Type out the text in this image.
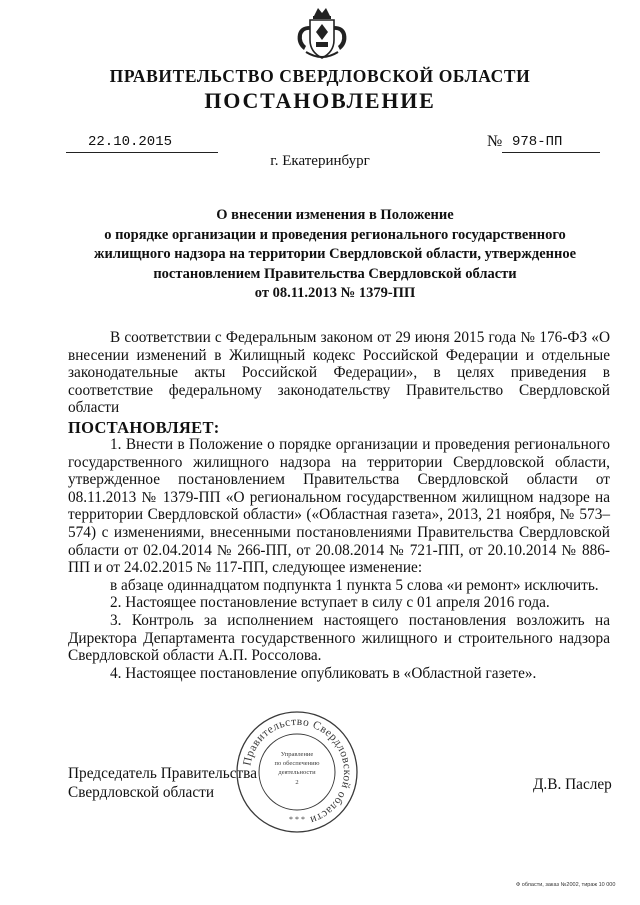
ПРАВИТЕЛЬСТВО СВЕРДЛОВСКОЙ ОБЛАСТИ
ПОСТАНОВЛЕНИЕ
22.10.2015	№ 978-ПП
г. Екатеринбург
О внесении изменения в Положение
о порядке организации и проведения регионального государственного
жилищного надзора на территории Свердловской области, утвержденное
постановлением Правительства Свердловской области
от 08.11.2013 № 1379-ПП
В соответствии с Федеральным законом от 29 июня 2015 года № 176-ФЗ «О внесении изменений в Жилищный кодекс Российской Федерации и отдельные законодательные акты Российской Федерации», в целях приведения в соответствие федеральному законодательству Правительство Свердловской области
ПОСТАНОВЛЯЕТ:

1. Внести в Положение о порядке организации и проведения регионального государственного жилищного надзора на территории Свердловской области, утвержденное постановлением Правительства Свердловской области от 08.11.2013 № 1379-ПП «О региональном государственном жилищном надзоре на территории Свердловской области» («Областная газета», 2013, 21 ноября, № 573–574) с изменениями, внесенными постановлениями Правительства Свердловской области от 02.04.2014 № 266-ПП, от 20.08.2014 № 721-ПП, от 20.10.2014 № 886-ПП и от 24.02.2015 № 117-ПП, следующее изменение:

в абзаце одиннадцатом подпункта 1 пункта 5 слова «и ремонт» исключить.

2. Настоящее постановление вступает в силу с 01 апреля 2016 года.

3. Контроль за исполнением настоящего постановления возложить на Директора Департамента государственного жилищного и строительного надзора Свердловской области А.П. Россолова.

4. Настоящее постановление опубликовать в «Областной газете».

Председатель Правительства
Свердловской области	Д.В. Паслер
Правительство Свердловской области
Управление
по обеспечению
деятельности
2
* * *
Ф области, заказ №2002, тираж 10 000
